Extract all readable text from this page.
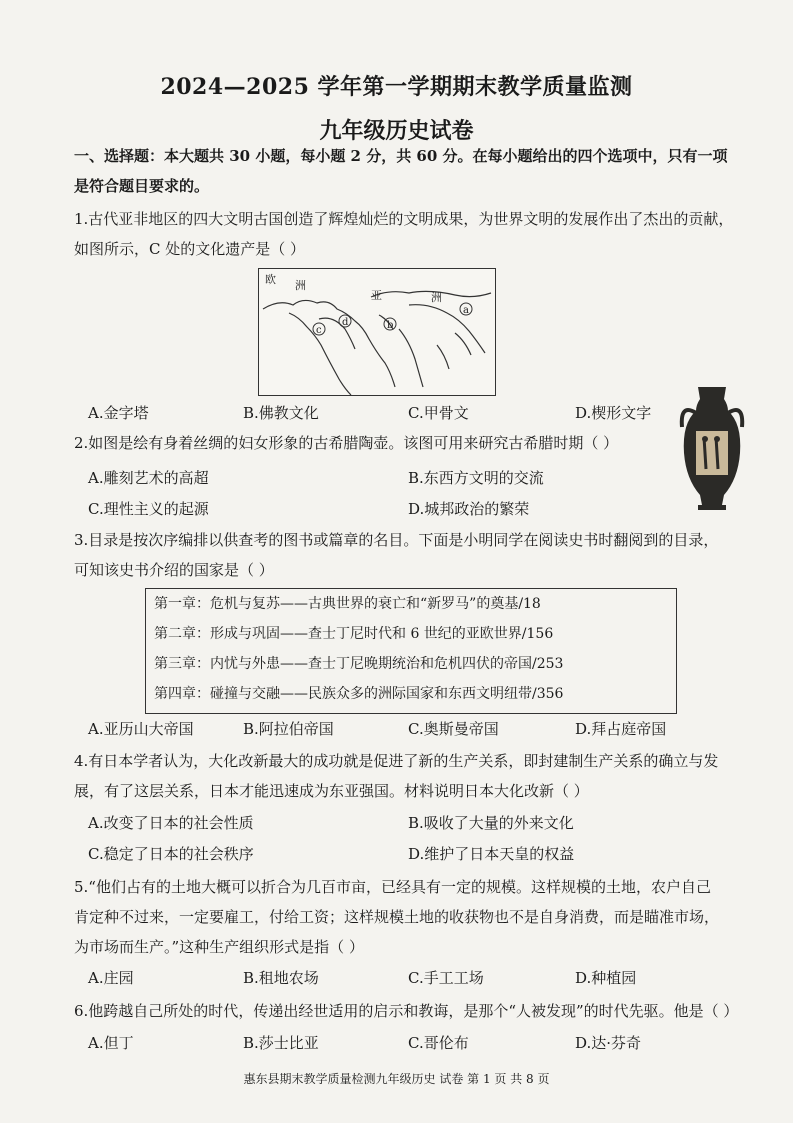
2024—2025 学年第一学期期末教学质量监测
九年级历史试卷
一、选择题：本大题共 30 小题，每小题 2 分，共 60 分。在每小题给出的四个选项中，只有一项
是符合题目要求的。
1.古代亚非地区的四大文明古国创造了辉煌灿烂的文明成果，为世界文明的发展作出了杰出的贡献，
如图所示，C 处的文化遗产是（ ）
欧 洲
亚	洲
a
b
c
d
A.金字塔	B.佛教文化	C.甲骨文	D.楔形文字
2.如图是绘有身着丝绸的妇女形象的古希腊陶壶。该图可用来研究古希腊时期（ ）
A.雕刻艺术的高超	B.东西方文明的交流
C.理性主义的起源	D.城邦政治的繁荣
3.目录是按次序编排以供查考的图书或篇章的名目。下面是小明同学在阅读史书时翻阅到的目录，
可知该史书介绍的国家是（ ）
第一章：危机与复苏——古典世界的衰亡和“新罗马”的奠基/18
第二章：形成与巩固——查士丁尼时代和 6 世纪的亚欧世界/156
第三章：内忧与外患——查士丁尼晚期统治和危机四伏的帝国/253
第四章：碰撞与交融——民族众多的洲际国家和东西文明纽带/356
A.亚历山大帝国	B.阿拉伯帝国	C.奥斯曼帝国	D.拜占庭帝国
4.有日本学者认为，大化改新最大的成功就是促进了新的生产关系，即封建制生产关系的确立与发
展，有了这层关系，日本才能迅速成为东亚强国。材料说明日本大化改新（ ）
A.改变了日本的社会性质	B.吸收了大量的外来文化
C.稳定了日本的社会秩序	D.维护了日本天皇的权益
5.“他们占有的土地大概可以折合为几百市亩，已经具有一定的规模。这样规模的土地，农户自己
肯定种不过来，一定要雇工，付给工资；这样规模土地的收获物也不是自身消费，而是瞄准市场，
为市场而生产。”这种生产组织形式是指（ ）
A.庄园	B.租地农场	C.手工工场	D.种植园
6.他跨越自己所处的时代，传递出经世适用的启示和教诲，是那个“人被发现”的时代先驱。他是（ ）
A.但丁	B.莎士比亚	C.哥伦布	D.达·芬奇
惠东县期末教学质量检测九年级历史 试卷 第 1 页 共 8 页
